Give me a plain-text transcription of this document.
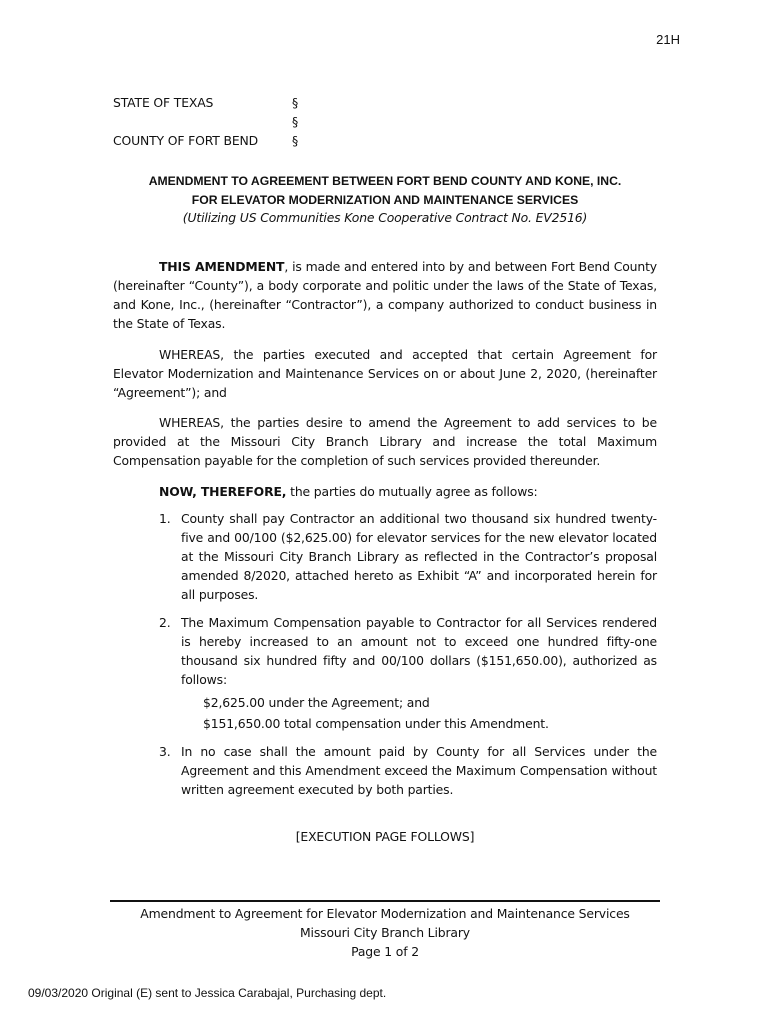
21H
STATE OF TEXAS	§
§
COUNTY OF FORT BEND	§
AMENDMENT TO AGREEMENT BETWEEN FORT BEND COUNTY AND KONE, INC.
FOR ELEVATOR MODERNIZATION AND MAINTENANCE SERVICES
(Utilizing US Communities Kone Cooperative Contract No. EV2516)
THIS AMENDMENT, is made and entered into by and between Fort Bend County (hereinafter “County”), a body corporate and politic under the laws of the State of Texas, and Kone, Inc., (hereinafter “Contractor”), a company authorized to conduct business in the State of Texas.
WHEREAS, the parties executed and accepted that certain Agreement for Elevator Modernization and Maintenance Services on or about June 2, 2020, (hereinafter “Agreement”); and
WHEREAS, the parties desire to amend the Agreement to add services to be provided at the Missouri City Branch Library and increase the total Maximum Compensation payable for the completion of such services provided thereunder.
NOW, THEREFORE, the parties do mutually agree as follows:
1. County shall pay Contractor an additional two thousand six hundred twenty-five and 00/100 ($2,625.00) for elevator services for the new elevator located at the Missouri City Branch Library as reflected in the Contractor’s proposal amended 8/2020, attached hereto as Exhibit “A” and incorporated herein for all purposes.
2. The Maximum Compensation payable to Contractor for all Services rendered is hereby increased to an amount not to exceed one hundred fifty-one thousand six hundred fifty and 00/100 dollars ($151,650.00), authorized as follows:
$2,625.00 under the Agreement; and
$151,650.00 total compensation under this Amendment.
3. In no case shall the amount paid by County for all Services under the Agreement and this Amendment exceed the Maximum Compensation without written agreement executed by both parties.
[EXECUTION PAGE FOLLOWS]
Amendment to Agreement for Elevator Modernization and Maintenance Services
Missouri City Branch Library
Page 1 of 2
09/03/2020 Original (E) sent to Jessica Carabajal, Purchasing dept.
